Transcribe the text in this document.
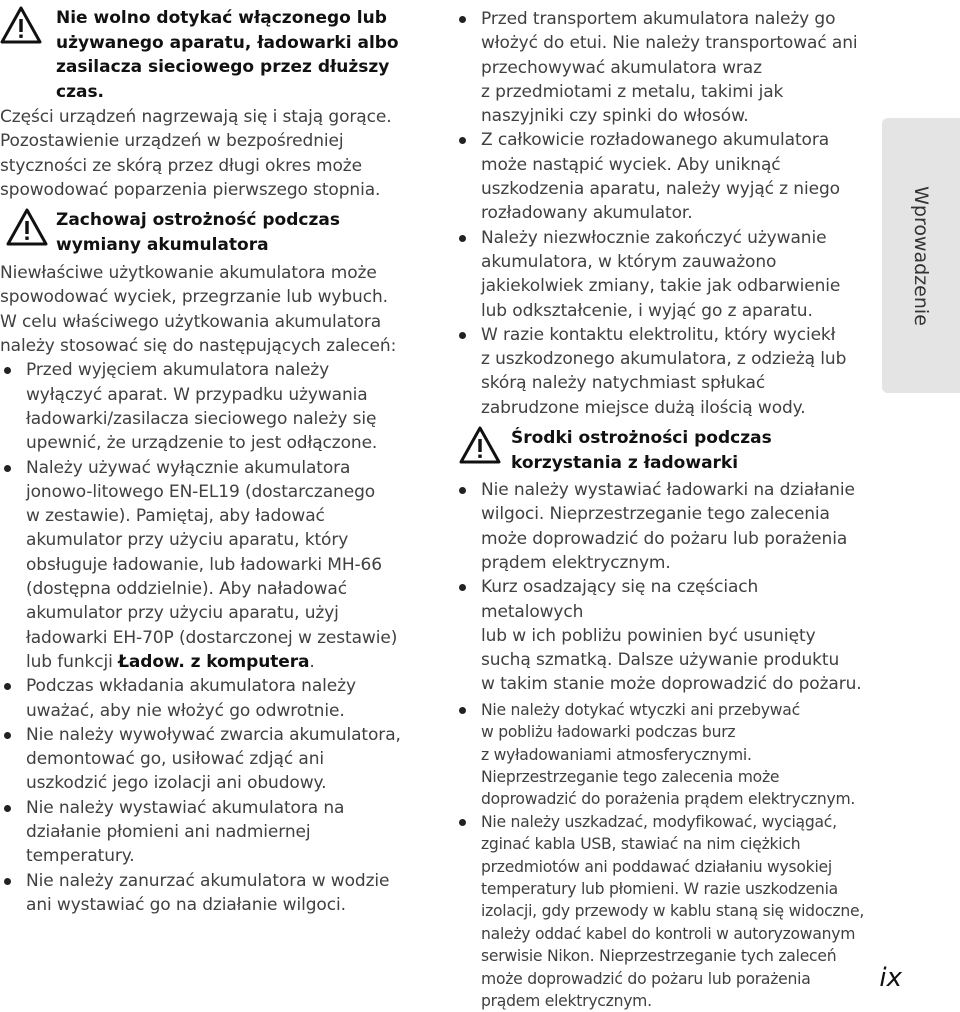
Nie wolno dotykać włączonego lub
używanego aparatu, ładowarki albo
zasilacza sieciowego przez dłuższy
czas.

Części urządzeń nagrzewają się i stają gorące.

Pozostawienie urządzeń w bezpośredniej

styczności ze skórą przez długi okres może

spowodować poparzenia pierwszego stopnia.

Zachowaj ostrożność podczas
wymiany akumulatora

Niewłaściwe użytkowanie akumulatora może

spowodować wyciek, przegrzanie lub wybuch.

W celu właściwego użytkowania akumulatora

należy stosować się do następujących zaleceń:

Przed wyjęciem akumulatora należy
wyłączyć aparat. W przypadku używania
ładowarki/zasilacza sieciowego należy się
upewnić, że urządzenie to jest odłączone.
Należy używać wyłącznie akumulatora
jonowo-litowego EN-EL19 (dostarczanego
w zestawie). Pamiętaj, aby ładować
akumulator przy użyciu aparatu, który
obsługuje ładowanie, lub ładowarki MH-66
(dostępna oddzielnie). Aby naładować
akumulator przy użyciu aparatu, użyj
ładowarki EH-70P (dostarczonej w zestawie)
lub funkcji Ładow. z komputera.
Podczas wkładania akumulatora należy
uważać, aby nie włożyć go odwrotnie.
Nie należy wywoływać zwarcia akumulatora,
demontować go, usiłować zdjąć ani
uszkodzić jego izolacji ani obudowy.
Nie należy wystawiać akumulatora na
działanie płomieni ani nadmiernej
temperatury.
Nie należy zanurzać akumulatora w wodzie
ani wystawiać go na działanie wilgoci.
Przed transportem akumulatora należy go
włożyć do etui. Nie należy transportować ani
przechowywać akumulatora wraz
z przedmiotami z metalu, takimi jak
naszyjniki czy spinki do włosów.
Z całkowicie rozładowanego akumulatora
może nastąpić wyciek. Aby uniknąć
uszkodzenia aparatu, należy wyjąć z niego
rozładowany akumulator.
Należy niezwłocznie zakończyć używanie
akumulatora, w którym zauważono
jakiekolwiek zmiany, takie jak odbarwienie
lub odkształcenie, i wyjąć go z aparatu.
W razie kontaktu elektrolitu, który wyciekł
z uszkodzonego akumulatora, z odzieżą lub
skórą należy natychmiast spłukać
zabrudzone miejsce dużą ilością wody.
Środki ostrożności podczas
korzystania z ładowarki
Nie należy wystawiać ładowarki na działanie
wilgoci. Nieprzestrzeganie tego zalecenia
może doprowadzić do pożaru lub porażenia
prądem elektrycznym.
Kurz osadzający się na częściach metalowych
lub w ich pobliżu powinien być usunięty
suchą szmatką. Dalsze używanie produktu
w takim stanie może doprowadzić do pożaru.
Nie należy dotykać wtyczki ani przebywać
w pobliżu ładowarki podczas burz
z wyładowaniami atmosferycznymi.
Nieprzestrzeganie tego zalecenia może
doprowadzić do porażenia prądem elektrycznym.
Nie należy uszkadzać, modyfikować, wyciągać,
zginać kabla USB, stawiać na nim ciężkich
przedmiotów ani poddawać działaniu wysokiej
temperatury lub płomieni. W razie uszkodzenia
izolacji, gdy przewody w kablu staną się widoczne,
należy oddać kabel do kontroli w autoryzowanym
serwisie Nikon. Nieprzestrzeganie tych zaleceń
może doprowadzić do pożaru lub porażenia
prądem elektrycznym.
Wprowadzenie
ix
